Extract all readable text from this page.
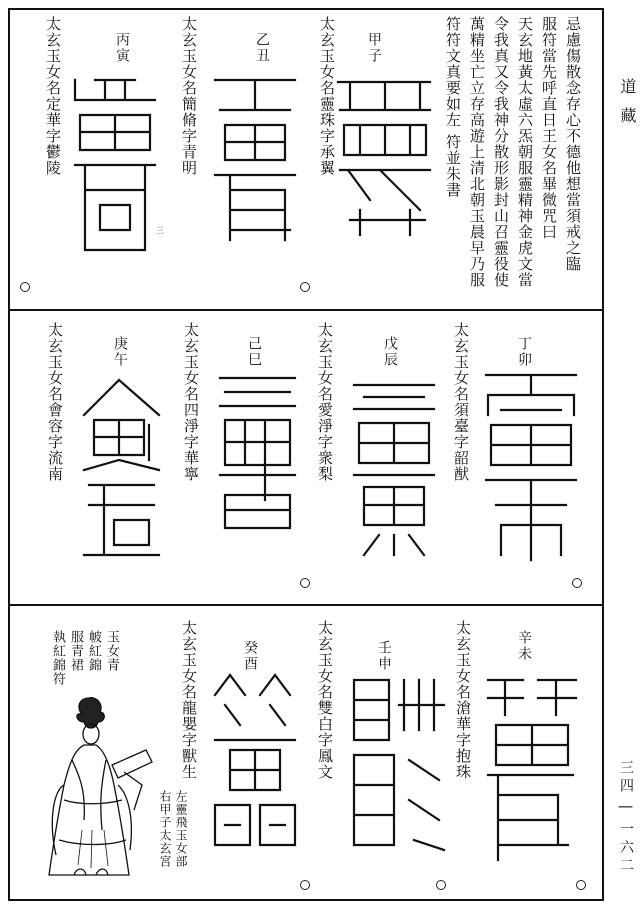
道 藏
三四 | 一六二
忌慮傷散念存心不德他想當須戒之臨
服符當先呼直日王女名畢微咒曰
天玄地黃太虛六炁朝服靈精神金虎文當
令我真又令我神分散形影封山召靈役使
萬精坐亡立存高遊上清北朝玉晨早乃服
符符文真要如左 符並朱書
太玄玉女名靈珠字承翼 甲子
太玄玉女名簡脩字青明	乙丑
三
太玄玉女名定華字鬱陵	丙寅
太玄玉女名須臺字韶猷	丁卯
太玄玉女名愛淨字衆梨	戊辰
太玄玉女名四淨字華寧	己巳
太玄玉女名會容字流南	庚午
太玄玉女名滄華字抱珠	辛未
太玄玉女名雙白字鳳文	壬申
太玄玉女名龍嬰字獸生	癸酉
右甲子太玄宮 左靈飛玉女部
玉女青
帔紅錦
服青裙
執紅錦符
